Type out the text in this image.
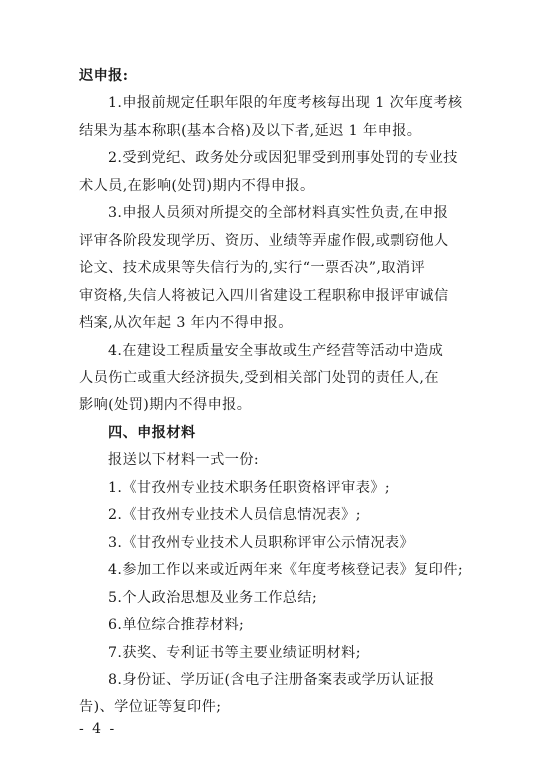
迟申报:
1.申报前规定任职年限的年度考核每出现 1 次年度考核
结果为基本称职(基本合格)及以下者,延迟 1 年申报。
2.受到党纪、政务处分或因犯罪受到刑事处罚的专业技
术人员,在影响(处罚)期内不得申报。
3.申报人员须对所提交的全部材料真实性负责,在申报
评审各阶段发现学历、资历、业绩等弄虚作假,或剽窃他人
论文、技术成果等失信行为的,实行“一票否决”,取消评
审资格,失信人将被记入四川省建设工程职称申报评审诚信
档案,从次年起 3 年内不得申报。
4.在建设工程质量安全事故或生产经营等活动中造成
人员伤亡或重大经济损失,受到相关部门处罚的责任人,在
影响(处罚)期内不得申报。
四、申报材料
报送以下材料一式一份:
1.《甘孜州专业技术职务任职资格评审表》;
2.《甘孜州专业技术人员信息情况表》;
3.《甘孜州专业技术人员职称评审公示情况表》
4.参加工作以来或近两年来《年度考核登记表》复印件;
5.个人政治思想及业务工作总结;
6.单位综合推荐材料;
7.获奖、专利证书等主要业绩证明材料;
8.身份证、学历证(含电子注册备案表或学历认证报
告)、学位证等复印件;
- 4 -
